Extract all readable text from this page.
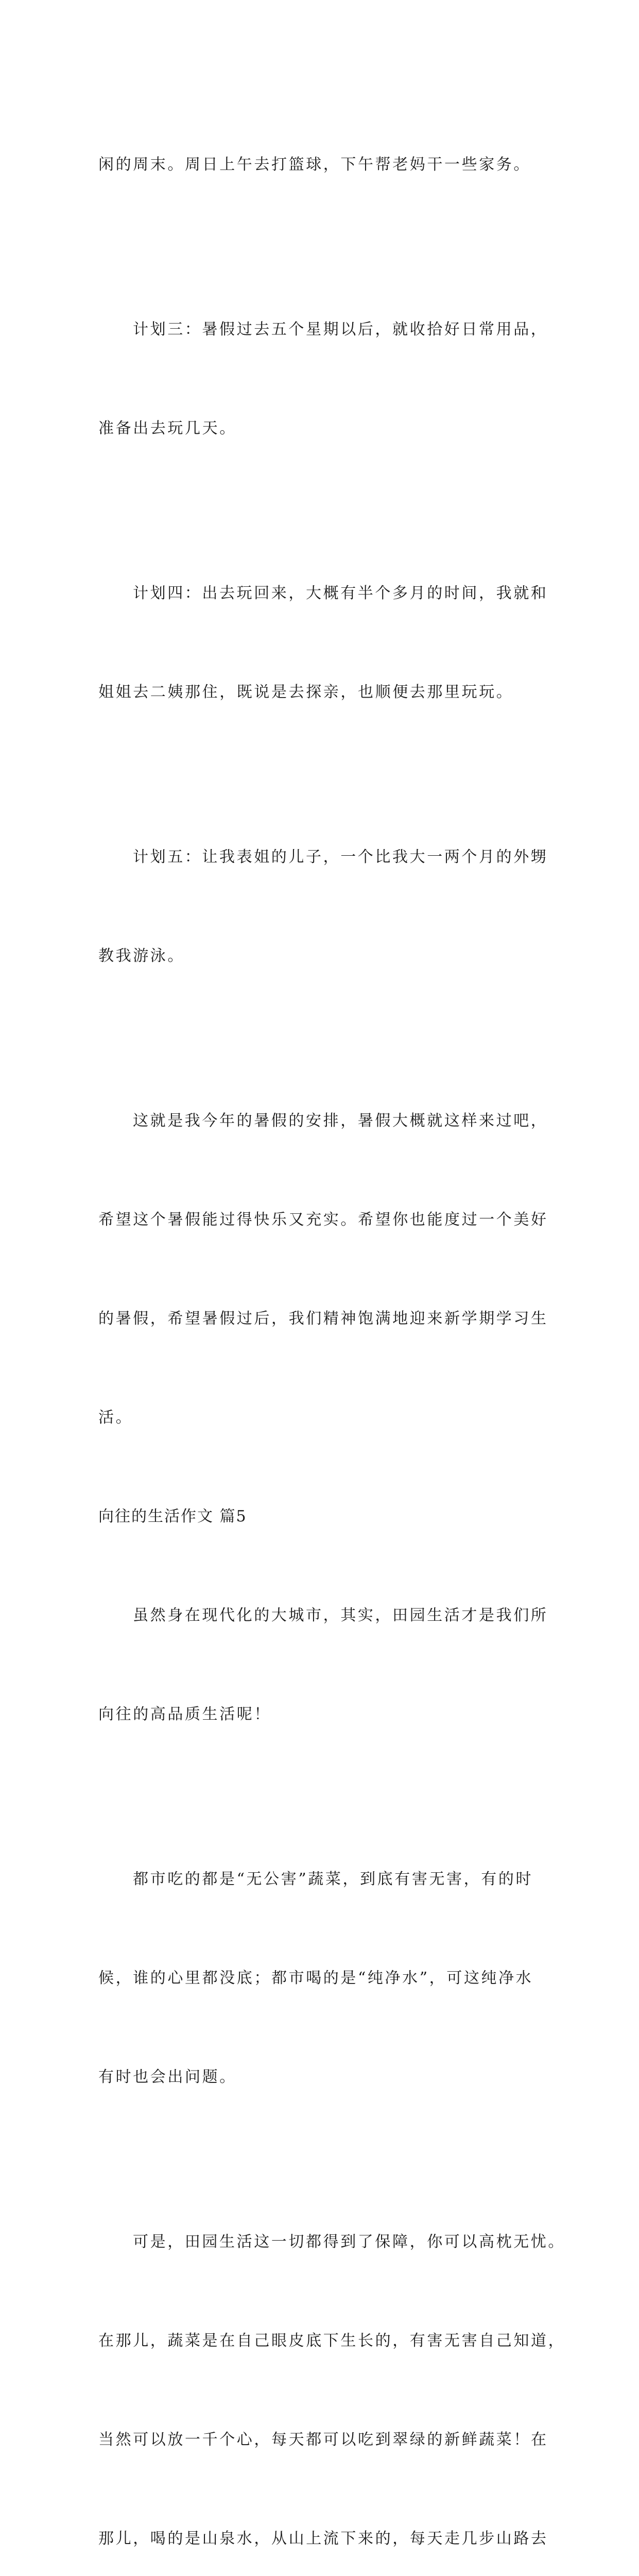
闲的周末。周日上午去打篮球，下午帮老妈干一些家务。

计划三：暑假过去五个星期以后，就收拾好日常用品，

准备出去玩几天。

计划四：出去玩回来，大概有半个多月的时间，我就和

姐姐去二姨那住，既说是去探亲，也顺便去那里玩玩。

计划五：让我表姐的儿子，一个比我大一两个月的外甥

教我游泳。

这就是我今年的暑假的安排，暑假大概就这样来过吧，

希望这个暑假能过得快乐又充实。希望你也能度过一个美好

的暑假，希望暑假过后，我们精神饱满地迎来新学期学习生

活。

向往的生活作文 篇5

虽然身在现代化的大城市，其实，田园生活才是我们所

向往的高品质生活呢！

都市吃的都是“无公害”蔬菜，到底有害无害，有的时

候，谁的心里都没底；都市喝的是“纯净水”，可这纯净水

有时也会出问题。

可是，田园生活这一切都得到了保障，你可以高枕无忧。

在那儿，蔬菜是在自己眼皮底下生长的，有害无害自己知道，

当然可以放一千个心，每天都可以吃到翠绿的新鲜蔬菜！在

那儿，喝的是山泉水，从山上流下来的，每天走几步山路去
